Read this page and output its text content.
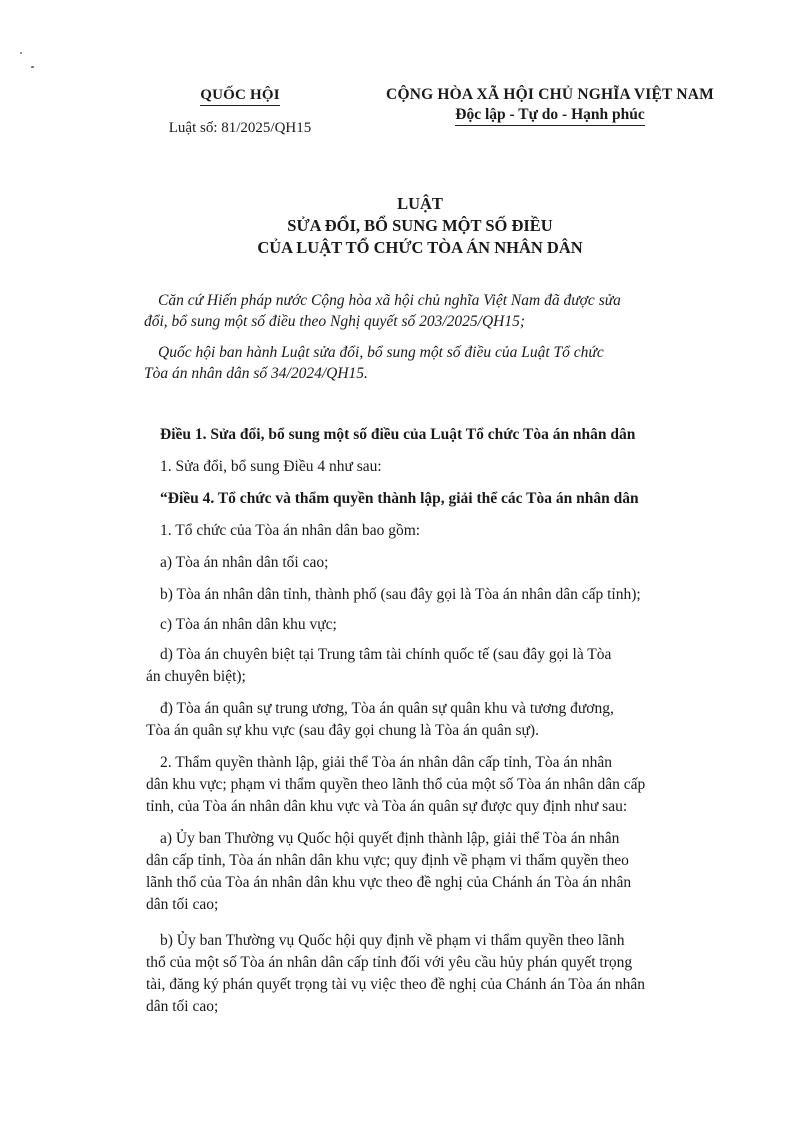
QUỐC HỘI
Luật số: 81/2025/QH15
CỘNG HÒA XÃ HỘI CHỦ NGHĨA VIỆT NAM
Độc lập - Tự do - Hạnh phúc
LUẬT
SỬA ĐỔI, BỔ SUNG MỘT SỐ ĐIỀU
CỦA LUẬT TỔ CHỨC TÒA ÁN NHÂN DÂN
Căn cứ Hiến pháp nước Cộng hòa xã hội chủ nghĩa Việt Nam đã được sửa
đổi, bổ sung một số điều theo Nghị quyết số 203/2025/QH15;
Quốc hội ban hành Luật sửa đổi, bổ sung một số điều của Luật Tổ chức
Tòa án nhân dân số 34/2024/QH15.
Điều 1. Sửa đổi, bổ sung một số điều của Luật Tổ chức Tòa án nhân dân
1. Sửa đổi, bổ sung Điều 4 như sau:
“Điều 4. Tổ chức và thẩm quyền thành lập, giải thể các Tòa án nhân dân
1. Tổ chức của Tòa án nhân dân bao gồm:
a) Tòa án nhân dân tối cao;
b) Tòa án nhân dân tỉnh, thành phố (sau đây gọi là Tòa án nhân dân cấp tỉnh);
c) Tòa án nhân dân khu vực;
d) Tòa án chuyên biệt tại Trung tâm tài chính quốc tế (sau đây gọi là Tòa
án chuyên biệt);
đ) Tòa án quân sự trung ương, Tòa án quân sự quân khu và tương đương,
Tòa án quân sự khu vực (sau đây gọi chung là Tòa án quân sự).
2. Thẩm quyền thành lập, giải thể Tòa án nhân dân cấp tỉnh, Tòa án nhân
dân khu vực; phạm vi thẩm quyền theo lãnh thổ của một số Tòa án nhân dân cấp
tỉnh, của Tòa án nhân dân khu vực và Tòa án quân sự được quy định như sau:
a) Ủy ban Thường vụ Quốc hội quyết định thành lập, giải thể Tòa án nhân
dân cấp tỉnh, Tòa án nhân dân khu vực; quy định về phạm vi thẩm quyền theo
lãnh thổ của Tòa án nhân dân khu vực theo đề nghị của Chánh án Tòa án nhân
dân tối cao;
b) Ủy ban Thường vụ Quốc hội quy định về phạm vi thẩm quyền theo lãnh
thổ của một số Tòa án nhân dân cấp tỉnh đối với yêu cầu hủy phán quyết trọng
tài, đăng ký phán quyết trọng tài vụ việc theo đề nghị của Chánh án Tòa án nhân
dân tối cao;
